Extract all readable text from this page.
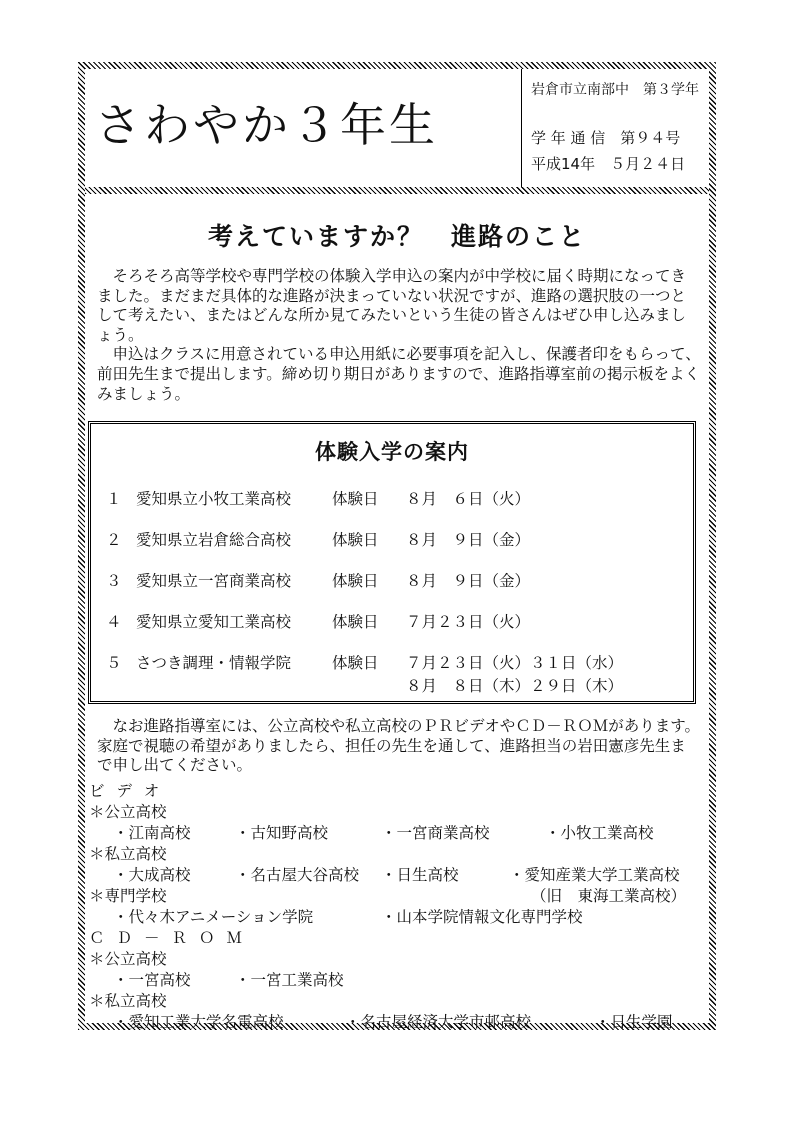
さわやか３年生
岩倉市立南部中　第３学年
学 年 通 信　第９４号
平成14年　５月２４日
考えていますか？　進路のこと

そろそろ高等学校や専門学校の体験入学申込の案内が中学校に届く時期になってきました。まだまだ具体的な進路が決まっていない状況ですが、進路の選択肢の一つとして考えたい、またはどんな所か見てみたいという生徒の皆さんはぜひ申し込みましょう。

申込はクラスに用意されている申込用紙に必要事項を記入し、保護者印をもらって、前田先生まで提出します。締め切り期日がありますので、進路指導室前の掲示板をよくみましょう。

体験入学の案内
１ 愛知県立小牧工業高校	体験日 ８月　６日（火）
２ 愛知県立岩倉総合高校	体験日 ８月　９日（金）
３ 愛知県立一宮商業高校	体験日 ８月　９日（金）
４ 愛知県立愛知工業高校	体験日 ７月２３日（火）
５ さつき調理・情報学院	体験日 ７月２３日（火）３１日（水）
８月　８日（木）２９日（木）

なお進路指導室には、公立高校や私立高校のＰＲビデオやＣＤ－ＲＯＭがあります。家庭で視聴の希望がありましたら、担任の先生を通して、進路担当の岩田憲彦先生まで申し出てください。

ビデオ
＊公立高校
・江南高校	・古知野高校	・一宮商業高校	・小牧工業高校
＊私立高校
・大成高校	・名古屋大谷高校 ・日生高校	・愛知産業大学工業高校
（旧　東海工業高校）
＊専門学校
・代々木アニメーション学院	・山本学院情報文化専門学校
ＣＤ－ＲＯＭ
＊公立高校
・一宮高校	・一宮工業高校
＊私立高校
・愛知工業大学名電高校	・名古屋経済大学市邨高校	・日生学園
